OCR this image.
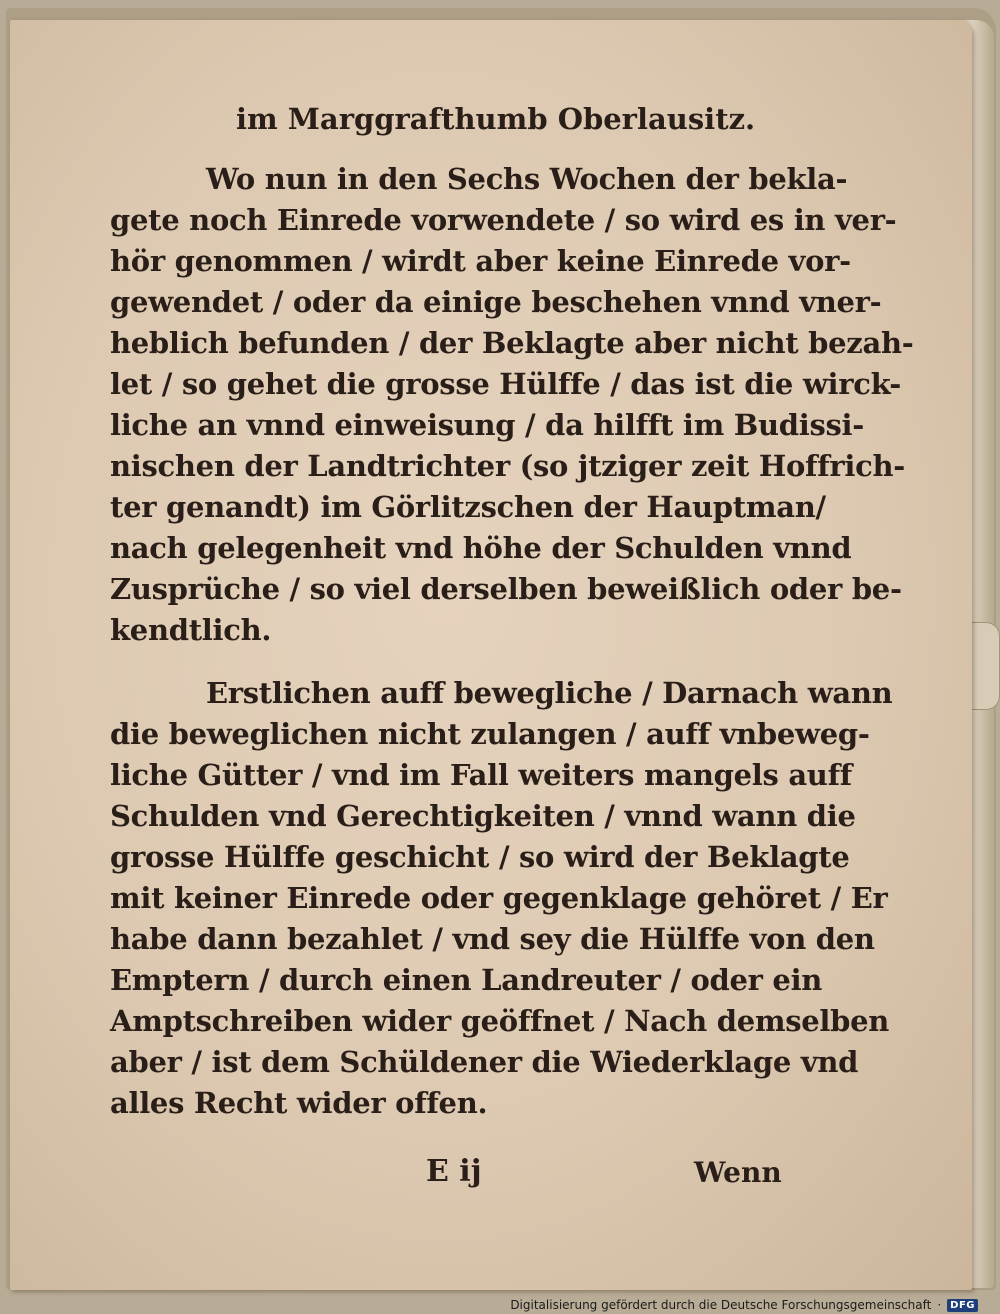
im Marggrafthumb Oberlausitz.
Wo nun in den Sechs Wochen der bekla-
gete noch Einrede vorwendete / so wird es in ver-
hör genommen / wirdt aber keine Einrede vor-
gewendet / oder da einige beschehen vnnd vner-
heblich befunden / der Beklagte aber nicht bezah-
let / so gehet die grosse Hülffe / das ist die wirck-
liche an vnnd einweisung / da hilfft im Budissi-
nischen der Landtrichter (so jtziger zeit Hoffrich-
ter genandt) im Görlitzschen der Hauptman/
nach gelegenheit vnd höhe der Schulden vnnd
Zusprüche / so viel derselben beweißlich oder be-
kendtlich.
Erstlichen auff bewegliche / Darnach wann
die beweglichen nicht zulangen / auff vnbeweg-
liche Gütter / vnd im Fall weiters mangels auff
Schulden vnd Gerechtigkeiten / vnnd wann die
grosse Hülffe geschicht / so wird der Beklagte
mit keiner Einrede oder gegenklage gehöret / Er
habe dann bezahlet / vnd sey die Hülffe von den
Emptern / durch einen Landreuter / oder ein
Amptschreiben wider geöffnet / Nach demselben
aber / ist dem Schüldener die Wiederklage vnd
alles Recht wider offen.
E ij	Wenn
Digitalisierung gefördert durch die Deutsche Forschungsgemeinschaft · DFG
